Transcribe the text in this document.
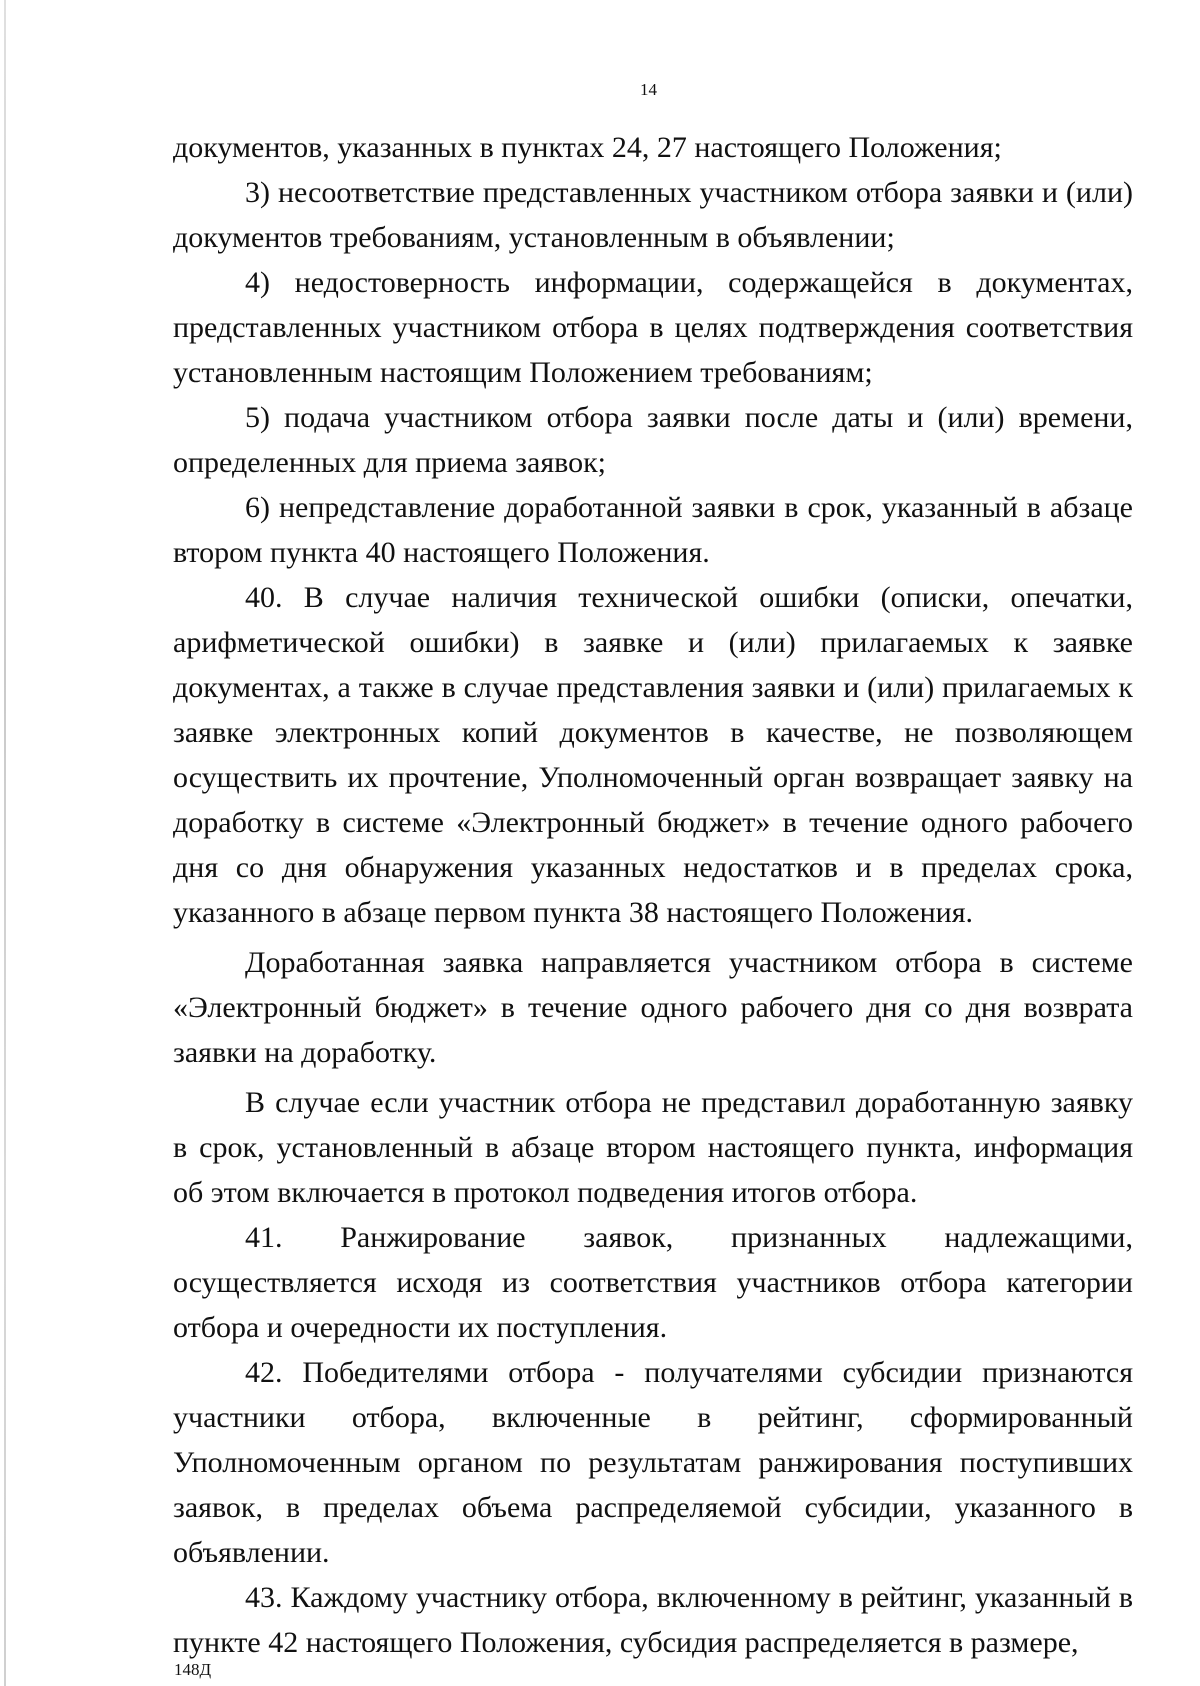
14

документов, указанных в пунктах 24, 27 настоящего Положения;

3) несоответствие представленных участником отбора заявки и (или) документов требованиям, установленным в объявлении;

4) недостоверность информации, содержащейся в документах, представленных участником отбора в целях подтверждения соответствия установленным настоящим Положением требованиям;

5) подача участником отбора заявки после даты и (или) времени, определенных для приема заявок;

6) непредставление доработанной заявки в срок, указанный в абзаце втором пункта 40 настоящего Положения.

40. В случае наличия технической ошибки (описки, опечатки, арифметической ошибки) в заявке и (или) прилагаемых к заявке документах, а также в случае представления заявки и (или) прилагаемых к заявке электронных копий документов в качестве, не позволяющем осуществить их прочтение, Уполномоченный орган возвращает заявку на доработку в системе «Электронный бюджет» в течение одного рабочего дня со дня обнаружения указанных недостатков и в пределах срока, указанного в абзаце первом пункта 38 настоящего Положения.

Доработанная заявка направляется участником отбора в системе «Электронный бюджет» в течение одного рабочего дня со дня возврата заявки на доработку.

В случае если участник отбора не представил доработанную заявку в срок, установленный в абзаце втором настоящего пункта, информация об этом включается в протокол подведения итогов отбора.

41. Ранжирование заявок, признанных надлежащими, осуществляется исходя из соответствия участников отбора категории отбора и очередности их поступления.

42. Победителями отбора - получателями субсидии признаются участники отбора, включенные в рейтинг, сформированный Уполномоченным органом по результатам ранжирования поступивших заявок, в пределах объема распределяемой субсидии, указанного в объявлении.

43. Каждому участнику отбора, включенному в рейтинг, указанный в пункте 42 настоящего Положения, субсидия распределяется в размере,

148Д
